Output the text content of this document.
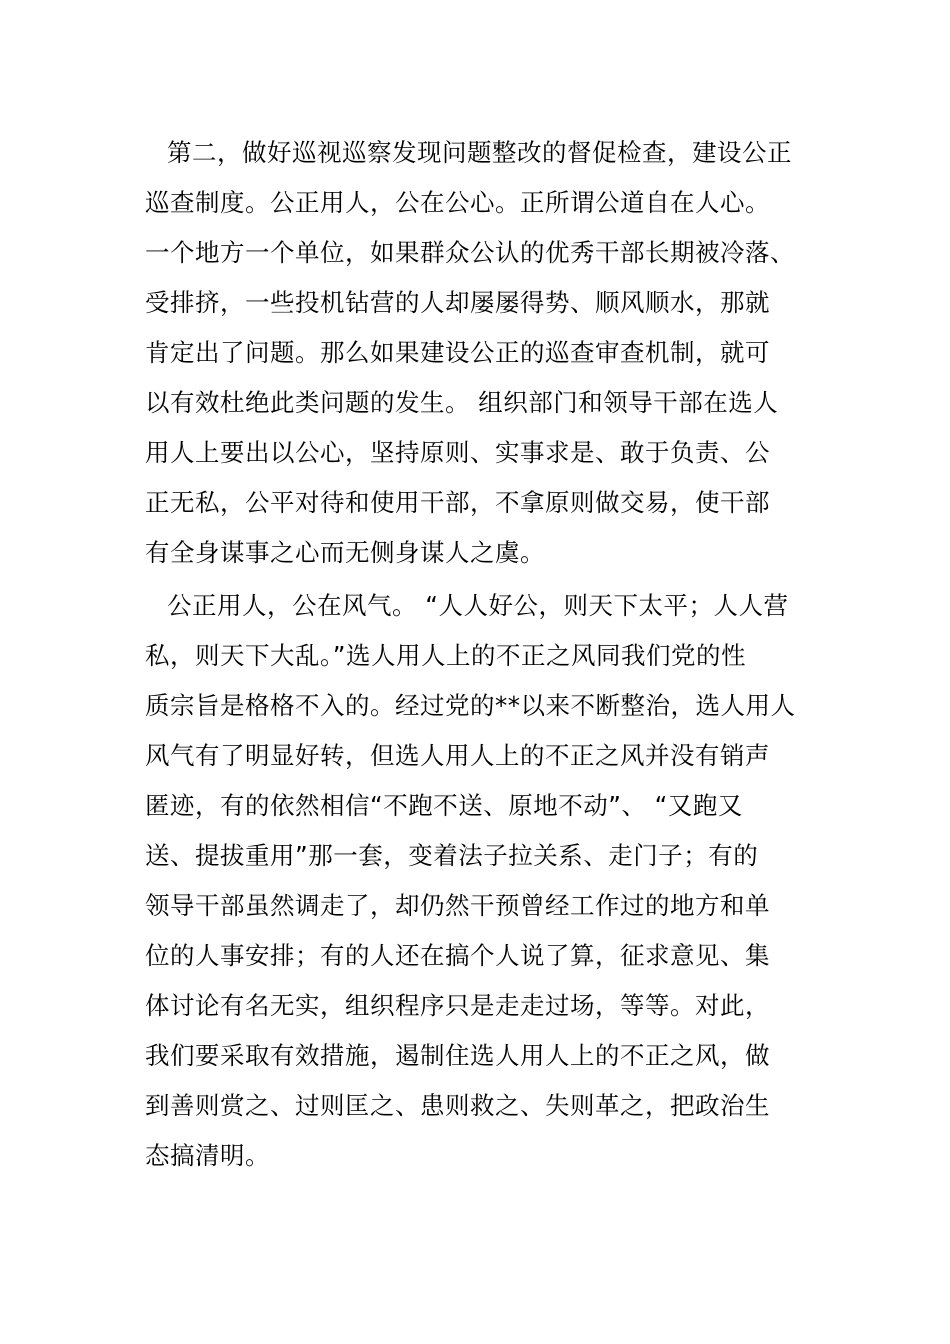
第二，做好巡视巡察发现问题整改的督促检查，建设公正
巡查制度。公正用人，公在公心。正所谓公道自在人心。
一个地方一个单位，如果群众公认的优秀干部长期被冷落、
受排挤，一些投机钻营的人却屡屡得势、顺风顺水，那就
肯定出了问题。那么如果建设公正的巡查审查机制，就可
以有效杜绝此类问题的发生。 组织部门和领导干部在选人
用人上要出以公心，坚持原则、实事求是、敢于负责、公
正无私，公平对待和使用干部，不拿原则做交易，使干部
有全身谋事之心而无侧身谋人之虞。

公正用人，公在风气。 “人人好公，则天下太平；人人营
私，则天下大乱。”选人用人上的不正之风同我们党的性
质宗旨是格格不入的。经过党的**以来不断整治，选人用人
风气有了明显好转，但选人用人上的不正之风并没有销声
匿迹，有的依然相信“不跑不送、原地不动”、 “又跑又
送、提拔重用”那一套，变着法子拉关系、走门子；有的
领导干部虽然调走了，却仍然干预曾经工作过的地方和单
位的人事安排；有的人还在搞个人说了算，征求意见、集
体讨论有名无实，组织程序只是走走过场，等等。对此，
我们要采取有效措施，遏制住选人用人上的不正之风，做
到善则赏之、过则匡之、患则救之、失则革之，把政治生
态搞清明。
